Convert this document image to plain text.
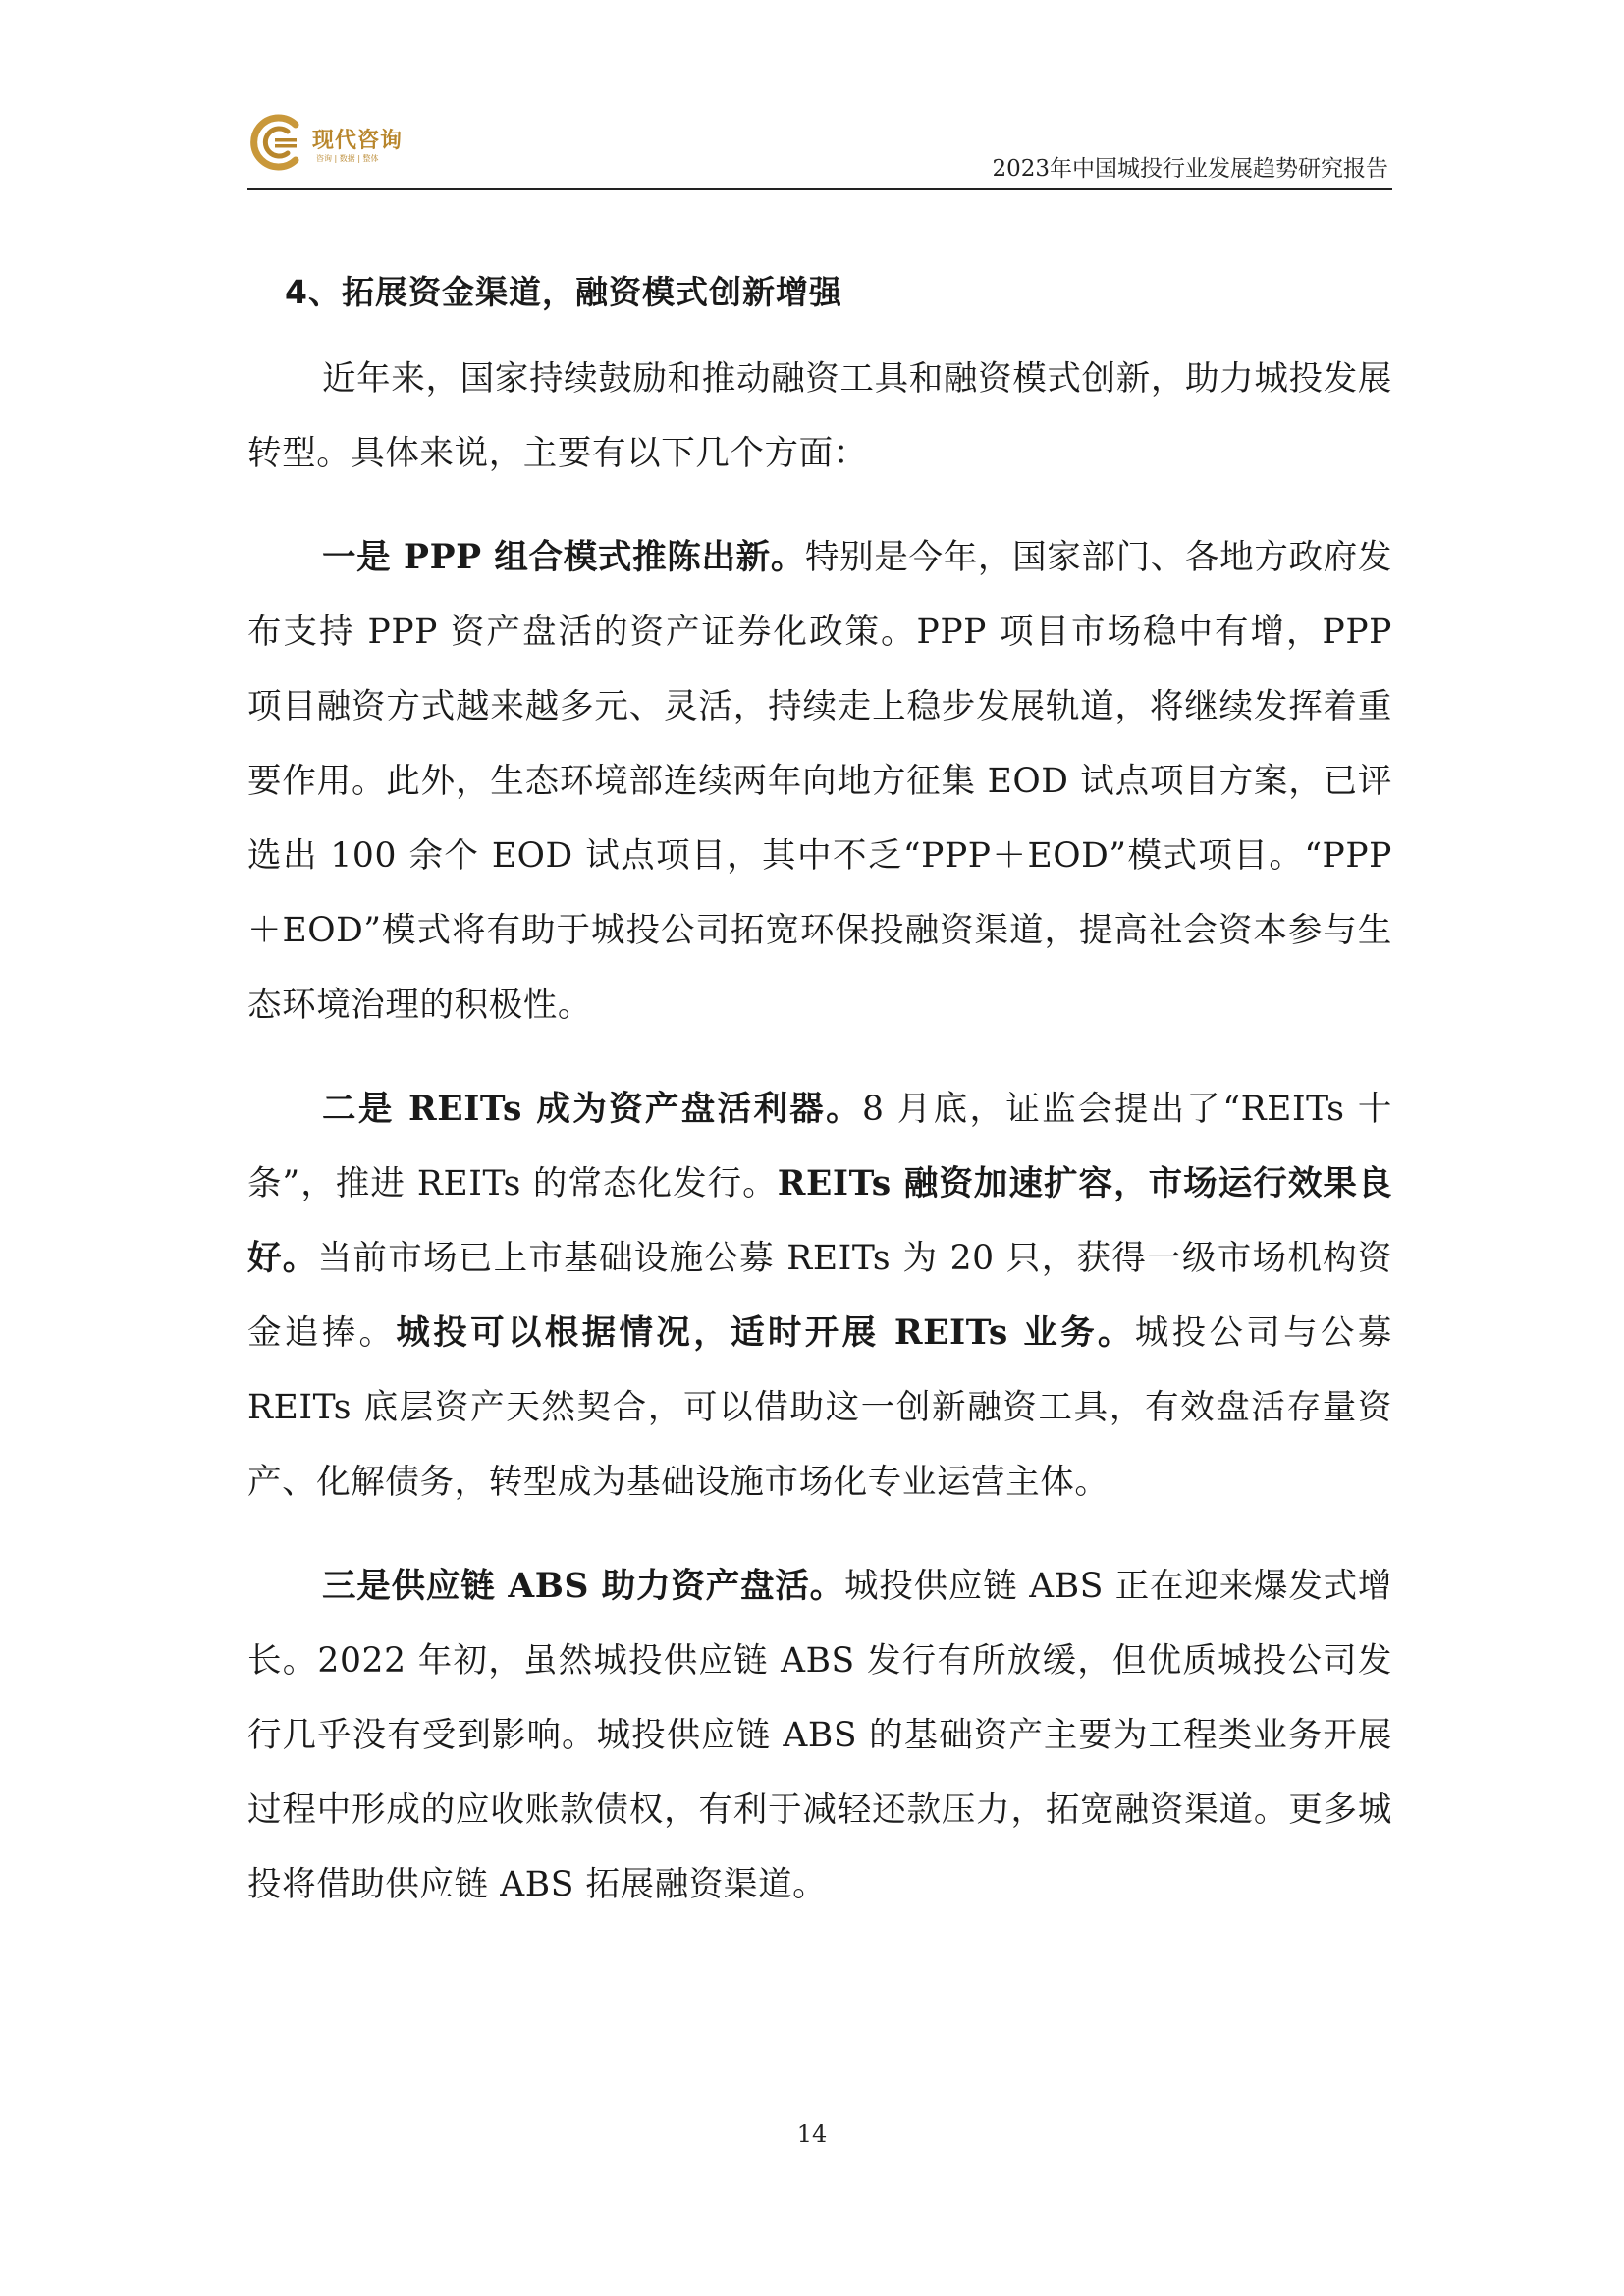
现代咨询
咨询 | 数据 | 整体	2023年中国城投行业发展趋势研究报告
4、拓展资金渠道，融资模式创新增强

近年来，国家持续鼓励和推动融资工具和融资模式创新，助力城投发展转型。具体来说，主要有以下几个方面：

一是 PPP 组合模式推陈出新。特别是今年，国家部门、各地方政府发布支持 PPP 资产盘活的资产证券化政策。PPP 项目市场稳中有增，PPP 项目融资方式越来越多元、灵活，持续走上稳步发展轨道，将继续发挥着重要作用。此外，生态环境部连续两年向地方征集 EOD 试点项目方案，已评选出 100 余个 EOD 试点项目，其中不乏“PPP＋EOD”模式项目。“PPP＋EOD”模式将有助于城投公司拓宽环保投融资渠道，提高社会资本参与生态环境治理的积极性。

二是 REITs 成为资产盘活利器。8 月底，证监会提出了“REITs 十条”，推进 REITs 的常态化发行。REITs 融资加速扩容，市场运行效果良好。当前市场已上市基础设施公募 REITs 为 20 只，获得一级市场机构资金追捧。城投可以根据情况，适时开展 REITs 业务。城投公司与公募 REITs 底层资产天然契合，可以借助这一创新融资工具，有效盘活存量资产、化解债务，转型成为基础设施市场化专业运营主体。

三是供应链 ABS 助力资产盘活。城投供应链 ABS 正在迎来爆发式增长。2022 年初，虽然城投供应链 ABS 发行有所放缓，但优质城投公司发行几乎没有受到影响。城投供应链 ABS 的基础资产主要为工程类业务开展过程中形成的应收账款债权，有利于减轻还款压力，拓宽融资渠道。更多城投将借助供应链 ABS 拓展融资渠道。

14
